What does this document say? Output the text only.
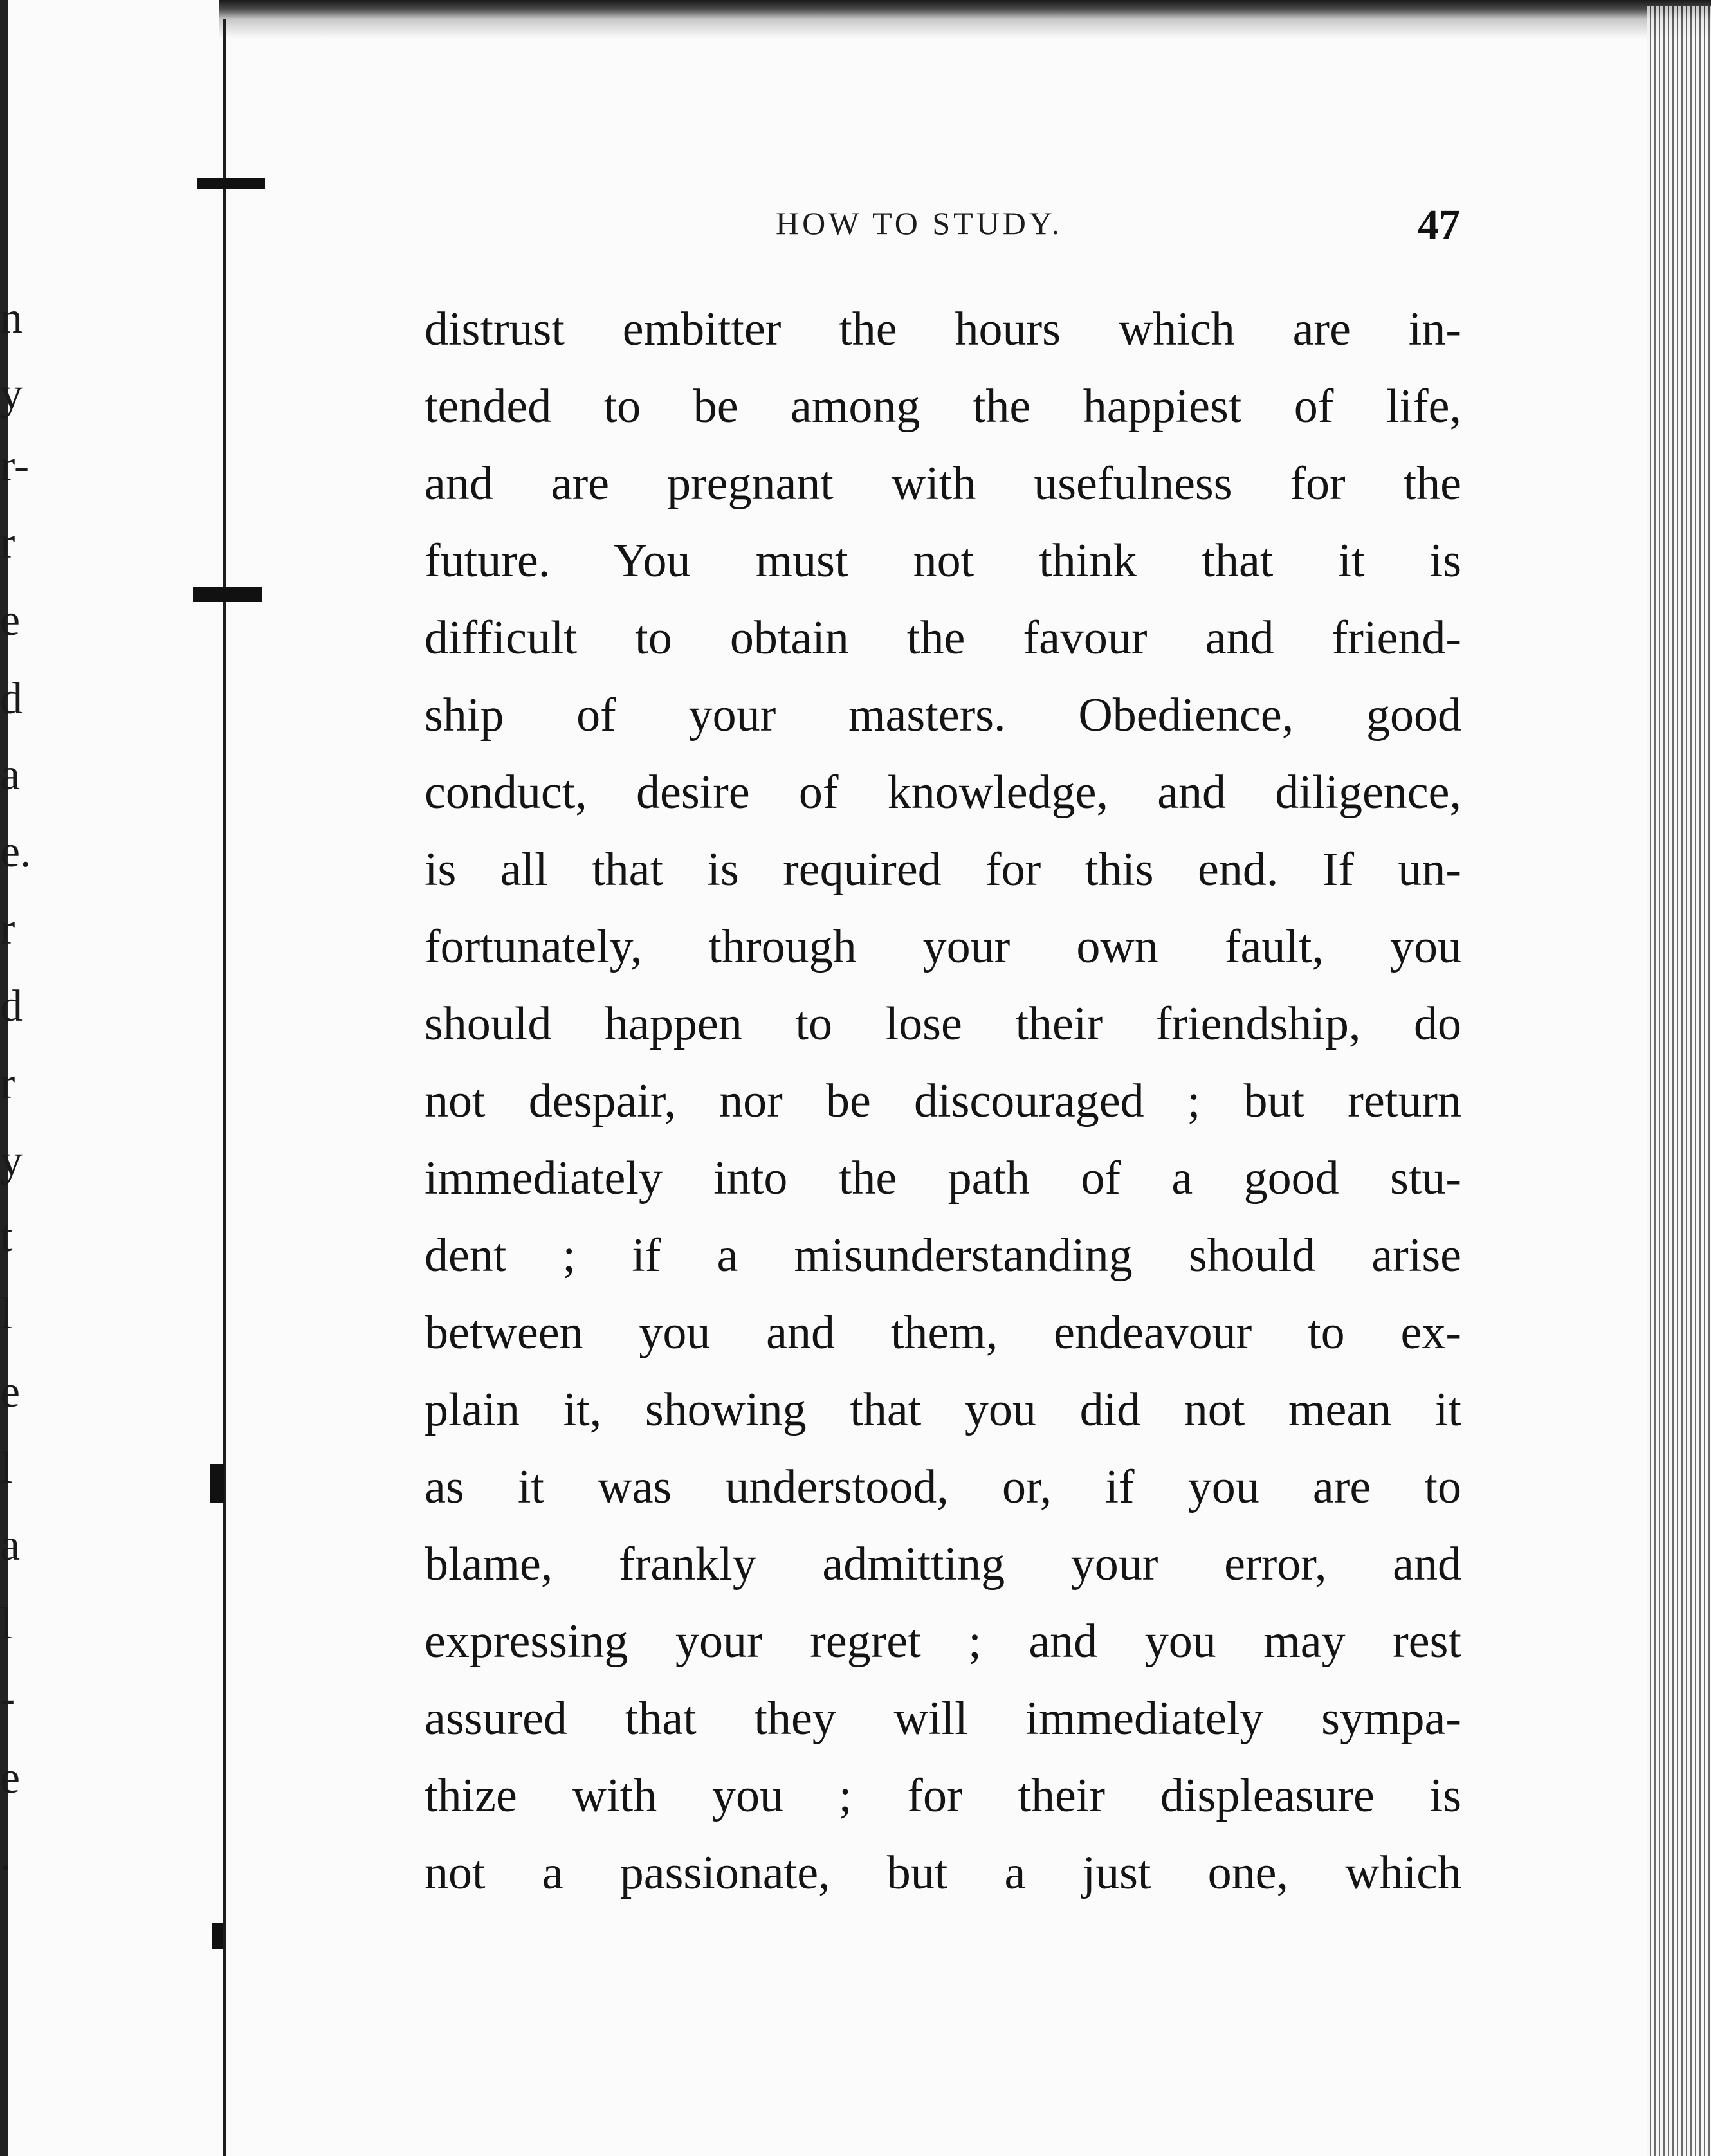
n
y
r-
r
e
d
a
e.
r
d
r
y
t
l
e
l
a
l
-
e
.
HOW TO STUDY.	47
distrust embitter the hours which are in-
tended to be among the happiest of life,
and are pregnant with usefulness for the
future. You must not think that it is
difficult to obtain the favour and friend-
ship of your masters. Obedience, good
conduct, desire of knowledge, and diligence,
is all that is required for this end. If un-
fortunately, through your own fault, you
should happen to lose their friendship, do
not despair, nor be discouraged ; but return
immediately into the path of a good stu-
dent ; if a misunderstanding should arise
between you and them, endeavour to ex-
plain it, showing that you did not mean it
as it was understood, or, if you are to
blame, frankly admitting your error, and
expressing your regret ; and you may rest
assured that they will immediately sympa-
thize with you ; for their displeasure is
not a passionate, but a just one, which
